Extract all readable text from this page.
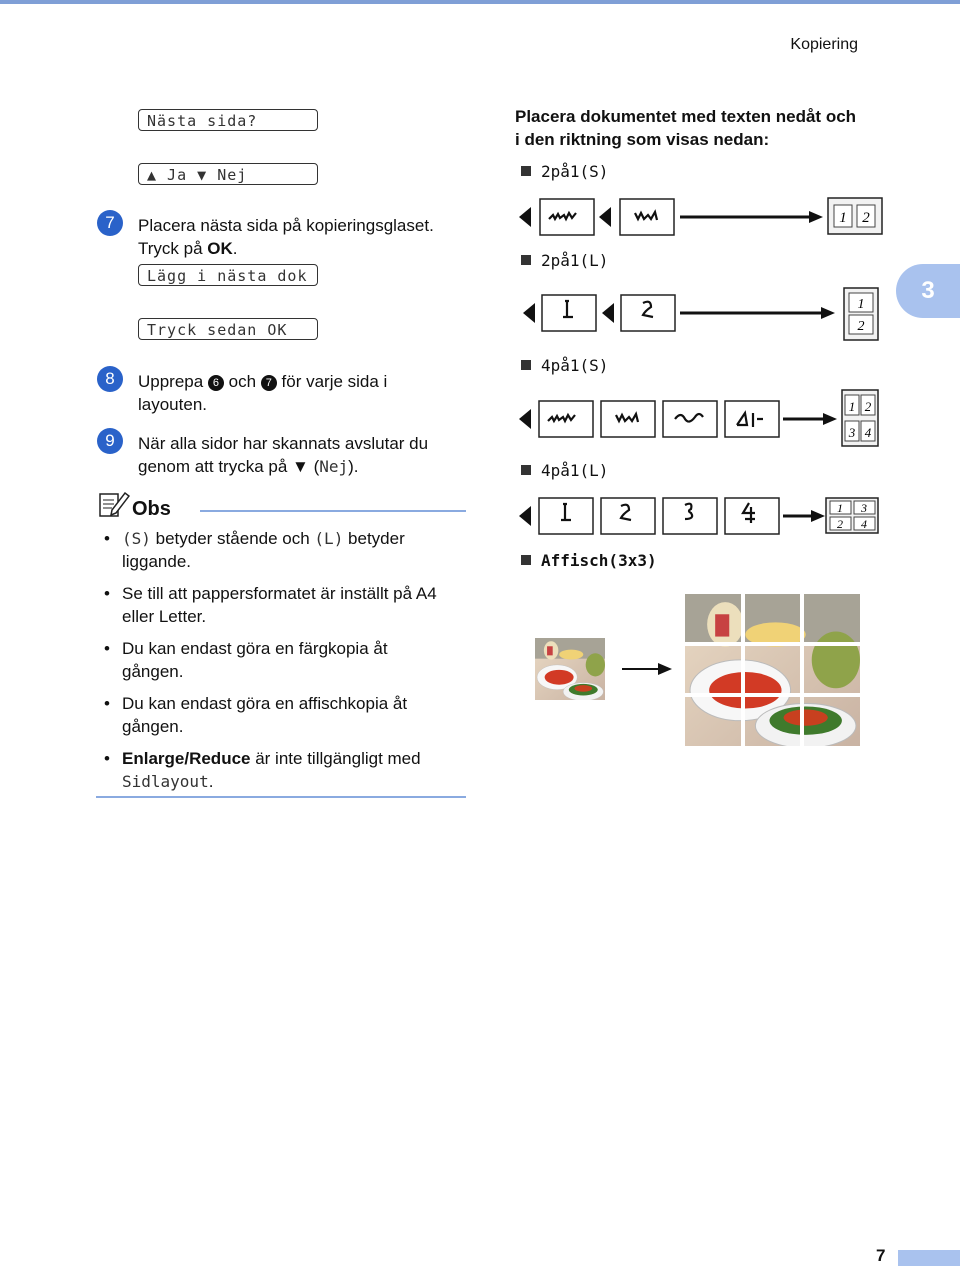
Kopiering
3
Nästa sida?
▲ Ja ▼ Nej
7	Placera nästa sida på kopieringsglaset.
Tryck på OK.
Lägg i nästa dok
Tryck sedan OK
8	Upprepa 6 och 7 för varje sida i
layouten.
9	När alla sidor har skannats avslutar du
genom att trycka på ▼ (Nej).
Obs
• (S) betyder stående och (L) betyder
liggande.
• Se till att pappersformatet är inställt på A4
eller Letter.
• Du kan endast göra en färgkopia åt
gången.
• Du kan endast göra en affischkopia åt
gången.
• Enlarge/Reduce är inte tillgängligt med
Sidlayout.
Placera dokumentet med texten nedåt och
i den riktning som visas nedan:
2på1(S)
2på1(L)
4på1(S)
4på1(L)
Affisch(3x3)
1 2
1
2
1 2
3 4
1 3
2 4
7
